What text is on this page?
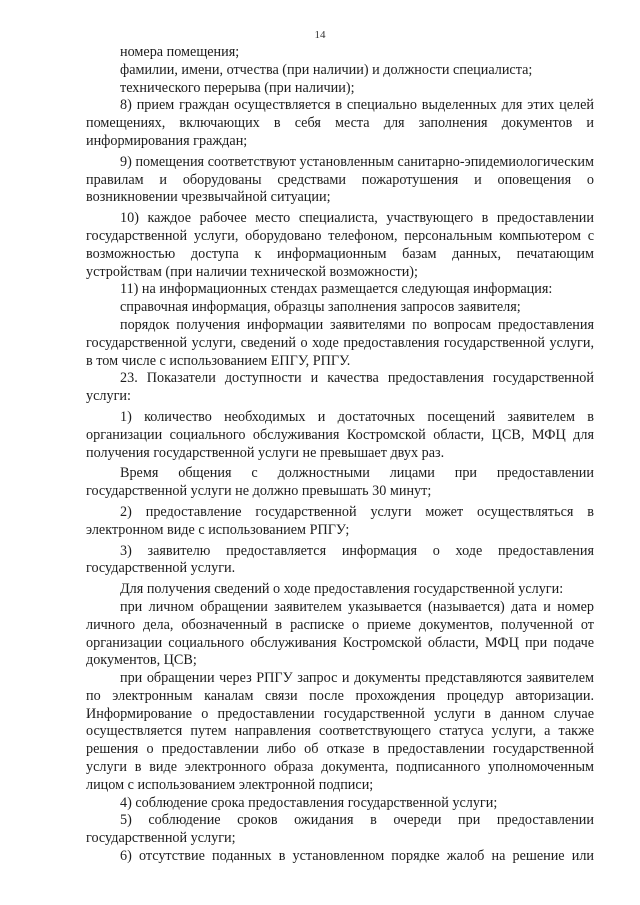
14

номера помещения;

фамилии, имени, отчества (при наличии) и должности специалиста;

технического перерыва (при наличии);

8) прием граждан осуществляется в специально выделенных для этих целей помещениях, включающих в себя места для заполнения документов и информирования граждан;

9) помещения соответствуют установленным санитарно-эпидемиологическим правилам и оборудованы средствами пожаротушения и оповещения о возникновении чрезвычайной ситуации;

10) каждое рабочее место специалиста, участвующего в предоставлении государственной услуги, оборудовано телефоном, персональным компьютером с возможностью доступа к информационным базам данных, печатающим устройствам (при наличии технической возможности);

11) на информационных стендах размещается следующая информация:

справочная информация, образцы заполнения запросов заявителя;

порядок получения информации заявителями по вопросам предоставления государственной услуги, сведений о ходе предоставления государственной услуги, в том числе с использованием ЕПГУ, РПГУ.

23. Показатели доступности и качества предоставления государственной услуги:

1) количество необходимых и достаточных посещений заявителем в организации социального обслуживания Костромской области, ЦСВ, МФЦ для получения государственной услуги не превышает двух раз.

Время общения с должностными лицами при предоставлении государственной услуги не должно превышать 30 минут;

2) предоставление государственной услуги может осуществляться в электронном виде с использованием РПГУ;

3) заявителю предоставляется информация о ходе предоставления государственной услуги.

Для получения сведений о ходе предоставления государственной услуги:

при личном обращении заявителем указывается (называется) дата и номер личного дела, обозначенный в расписке о приеме документов, полученной от организации социального обслуживания Костромской области, МФЦ при подаче документов, ЦСВ;

при обращении через РПГУ запрос и документы представляются заявителем по электронным каналам связи после прохождения процедур авторизации. Информирование о предоставлении государственной услуги в данном случае осуществляется путем направления соответствующего статуса услуги, а также решения о предоставлении либо об отказе в предоставлении государственной услуги в виде электронного образа документа, подписанного уполномоченным лицом с использованием электронной подписи;

4) соблюдение срока предоставления государственной услуги;

5) соблюдение сроков ожидания в очереди при предоставлении государственной услуги;

6) отсутствие поданных в установленном порядке жалоб на решение или
